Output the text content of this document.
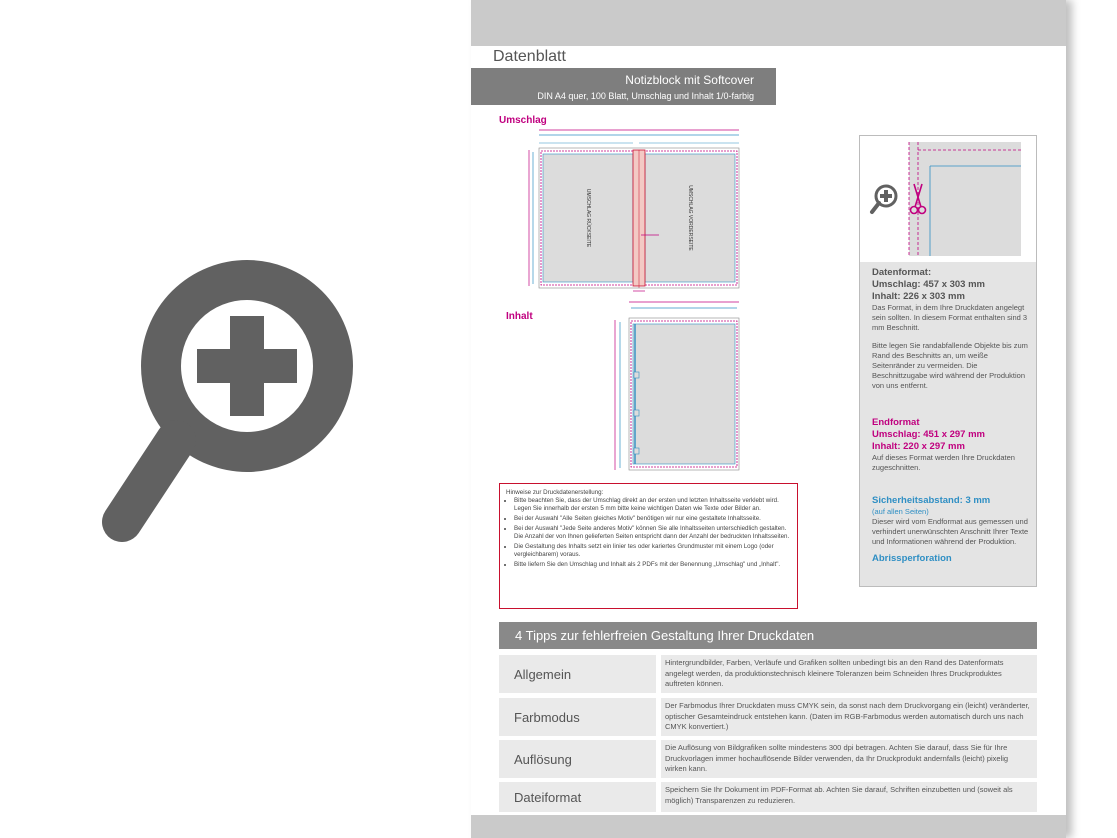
Datenblatt
Notizblock mit Softcover
DIN A4 quer, 100 Blatt, Umschlag und Inhalt 1/0-farbig
Umschlag
UMSCHLAG RÜCKSEITE	UMSCHLAG VORDERSEITE
Inhalt

Datenformat:

Umschlag: 457 x 303 mm

Inhalt: 226 x 303 mm

Das Format, in dem Ihre Druckdaten angelegt sein sollten. In diesem Format enthalten sind 3 mm Beschnitt.

Bitte legen Sie randabfallende Objekte bis zum Rand des Beschnitts an, um weiße Seitenränder zu vermeiden. Die Beschnittzugabe wird während der Produktion von uns entfernt.

Endformat

Umschlag: 451 x 297 mm

Inhalt: 220 x 297 mm

Auf dieses Format werden Ihre Druckdaten zugeschnitten.

Sicherheitsabstand: 3 mm

(auf allen Seiten)

Dieser wird vom Endformat aus gemessen und verhindert unerwünschten Anschnitt Ihrer Texte und Informationen während der Produktion.

Abrissperforation

Hinweise zur Druckdatenerstellung:
• Bitte beachten Sie, dass der Umschlag direkt an der ersten und letzten Inhaltsseite verklebt wird. Legen Sie innerhalb der ersten 5 mm bitte keine wichtigen Daten wie Texte oder Bilder an.
• Bei der Auswahl "Alle Seiten gleiches Motiv" benötigen wir nur eine gestaltete Inhaltsseite.
• Bei der Auswahl "Jede Seite anderes Motiv" können Sie alle Inhaltsseiten unterschiedlich gestalten. Die Anzahl der von Ihnen gelieferten Seiten entspricht dann der Anzahl der bedruckten Inhaltsseiten.
• Die Gestaltung des Inhalts setzt ein linier tes oder kariertes Grundmuster mit einem Logo (oder vergleichbarem) voraus.
• Bitte liefern Sie den Umschlag und Inhalt als 2 PDFs mit der Benennung „Umschlag" und „Inhalt".
4 Tipps zur fehlerfreien Gestaltung Ihrer Druckdaten
Allgemein
Hintergrundbilder, Farben, Verläufe und Grafiken sollten unbedingt bis an den Rand des Datenformats angelegt werden, da produktionstechnisch kleinere Toleranzen beim Schneiden Ihres Druckproduktes auftreten können.
Farbmodus
Der Farbmodus Ihrer Druckdaten muss CMYK sein, da sonst nach dem Druckvorgang ein (leicht) veränderter, optischer Gesamteindruck entstehen kann. (Daten im RGB-Farbmodus werden automatisch durch uns nach CMYK konvertiert.)
Auflösung
Die Auflösung von Bildgrafiken sollte mindestens 300 dpi betragen. Achten Sie darauf, dass Sie für Ihre Druckvorlagen immer hochauflösende Bilder verwenden, da Ihr Druckprodukt andernfalls (leicht) pixelig wirken kann.
Dateiformat	Speichern Sie Ihr Dokument im PDF-Format ab. Achten Sie darauf, Schriften einzubetten und (soweit als möglich) Transparenzen zu reduzieren.
